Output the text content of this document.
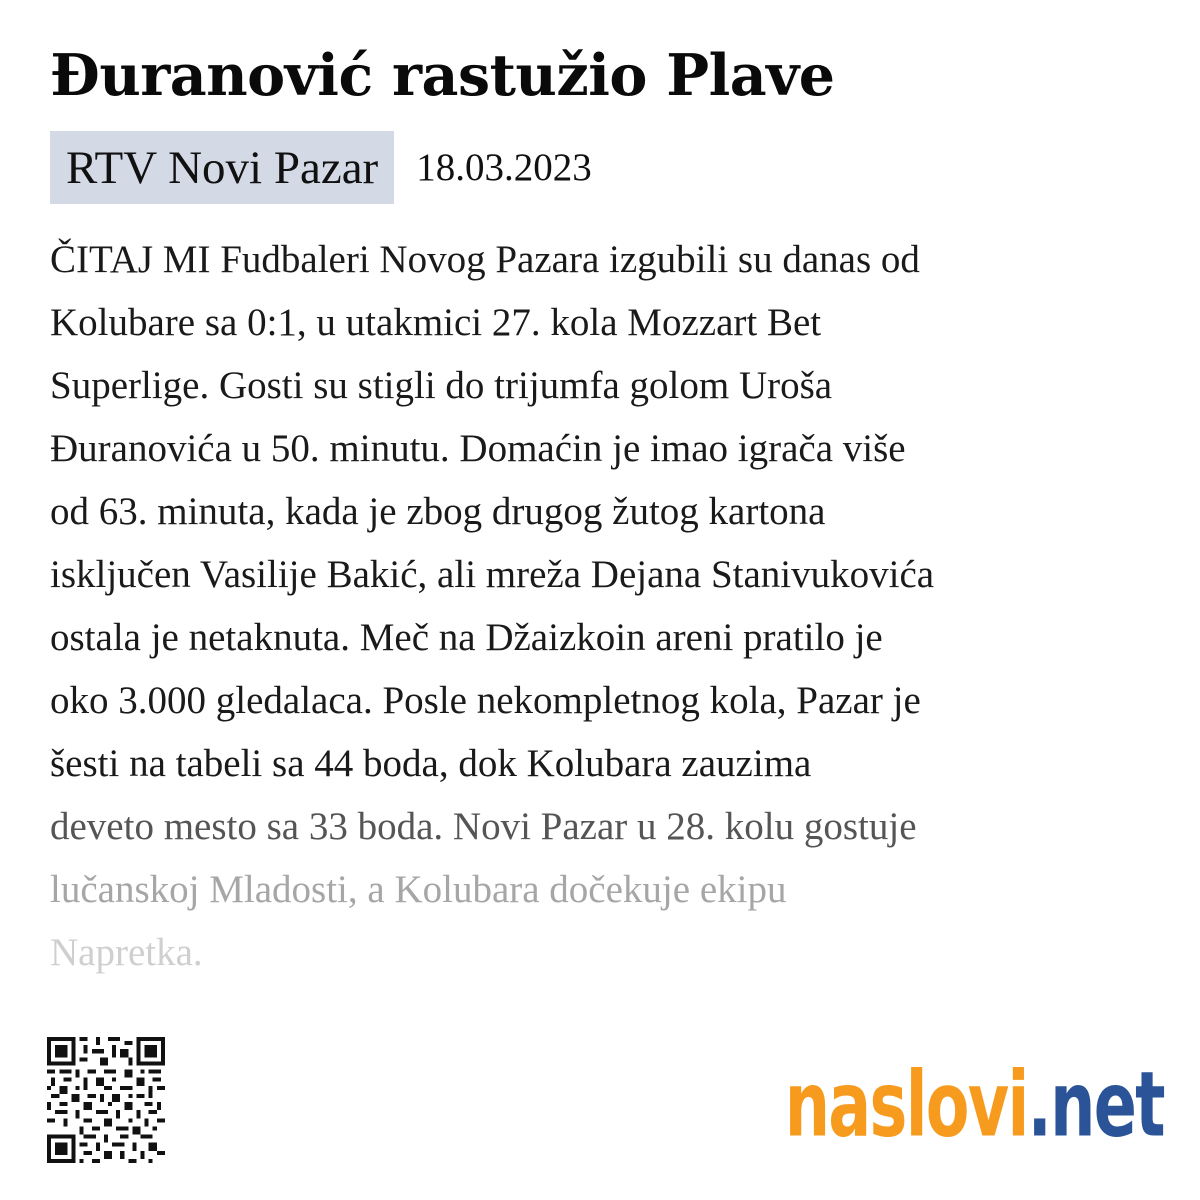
Đuranović rastužio Plave
RTV Novi Pazar 18.03.2023
ČITAJ MI Fudbaleri Novog Pazara izgubili su danas od
Kolubare sa 0:1, u utakmici 27. kola Mozzart Bet
Superlige. Gosti su stigli do trijumfa golom Uroša
Đuranovića u 50. minutu. Domaćin je imao igrača više
od 63. minuta, kada je zbog drugog žutog kartona
isključen Vasilije Bakić, ali mreža Dejana Stanivukovića
ostala je netaknuta. Meč na Džaizkoin areni pratilo je
oko 3.000 gledalaca. Posle nekompletnog kola, Pazar je
šesti na tabeli sa 44 boda, dok Kolubara zauzima
deveto mesto sa 33 boda. Novi Pazar u 28. kolu gostuje
lučanskoj Mladosti, a Kolubara dočekuje ekipu
Napretka.
naslovi.net
